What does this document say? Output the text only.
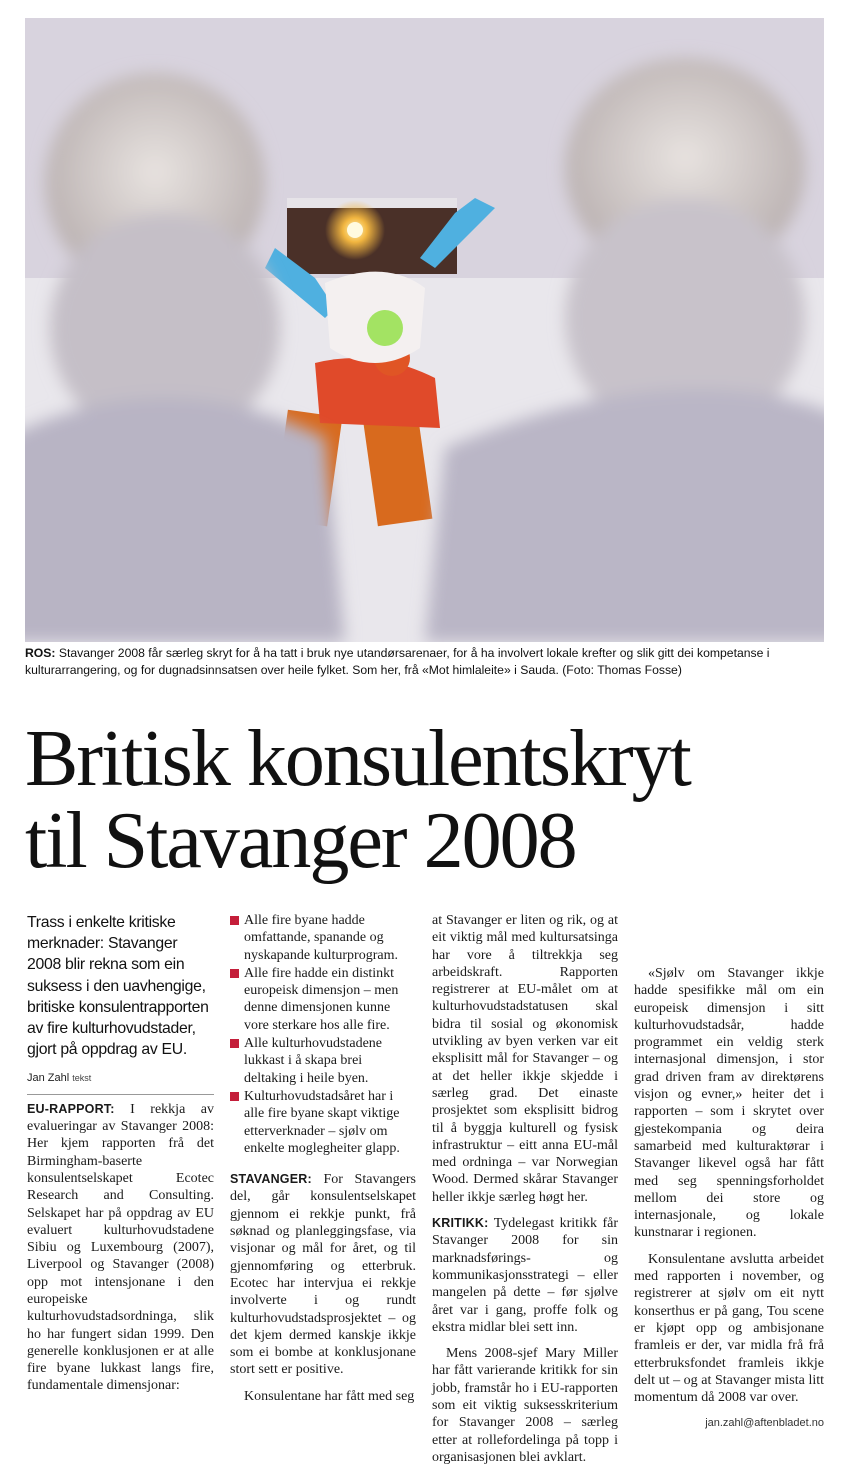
ROS: Stavanger 2008 får særleg skryt for å ha tatt i bruk nye utandørsarenaer, for å ha involvert lokale krefter og slik gitt dei kompetanse i kulturarrangering, og for dugnadsinnsatsen over heile fylket. Som her, frå «Mot himlaleite» i Sauda. (Foto: Thomas Fosse)
Britisk konsulentskryt
til Stavanger 2008

Trass i enkelte kritiske merknader: Stavanger 2008 blir rekna som ein suksess i den uavhengige, britiske konsulentrapporten av fire kulturhovudstader, gjort på oppdrag av EU.

Jan Zahl tekst

EU-RAPPORT: I rekkja av evalueringar av Stavanger 2008: Her kjem rapporten frå det Birmingham-baserte konsulentselskapet Ecotec Research and Consulting. Selskapet har på oppdrag av EU evaluert kulturhovudstadene Sibiu og Luxembourg (2007), Liverpool og Stavanger (2008) opp mot intensjonane i den europeiske kulturhovudstadsordninga, slik ho har fungert sidan 1999. Den generelle konklusjonen er at alle fire byane lukkast langs fire, fundamentale dimensjonar:

Alle fire byane hadde omfattande, spanande og nyskapande kulturprogram.
Alle fire hadde ein distinkt europeisk dimensjon – men denne dimensjonen kunne vore sterkare hos alle fire.
Alle kulturhovudstadene lukkast i å skapa brei deltaking i heile byen.
Kulturhovudstadsåret har i alle fire byane skapt viktige etterverknader – sjølv om enkelte moglegheiter glapp.

STAVANGER: For Stavangers del, går konsulentselskapet gjennom ei rekkje punkt, frå søknad og planleggingsfase, via visjonar og mål for året, og til gjennomføring og etterbruk. Ecotec har intervjua ei rekkje involverte i og rundt kulturhovudstadsprosjektet – og det kjem dermed kanskje ikkje som ei bombe at konklusjonane stort sett er positive.

Konsulentane har fått med seg

at Stavanger er liten og rik, og at eit viktig mål med kultursatsinga har vore å tiltrekkja seg arbeidskraft. Rapporten registrerer at EU-målet om at kulturhovudstadstatusen skal bidra til sosial og økonomisk utvikling av byen verken var eit eksplisitt mål for Stavanger – og at det heller ikkje skjedde i særleg grad. Det einaste prosjektet som eksplisitt bidrog til å byggja kulturell og fysisk infrastruktur – eitt anna EU-mål med ordninga – var Norwegian Wood. Dermed skårar Stavanger heller ikkje særleg høgt her.

KRITIKK: Tydelegast kritikk får Stavanger 2008 for sin marknadsførings- og kommunikasjonsstrategi – eller mangelen på dette – før sjølve året var i gang, proffe folk og ekstra midlar blei sett inn.

Mens 2008-sjef Mary Miller har fått varierande kritikk for sin jobb, framstår ho i EU-rapporten som eit viktig suksesskriterium for Stavanger 2008 – særleg etter at rollefordelinga på topp i organisasjonen blei avklart.

«Sjølv om Stavanger ikkje hadde spesifikke mål om ein europeisk dimensjon i sitt kulturhovudstadsår, hadde programmet ein veldig sterk internasjonal dimensjon, i stor grad driven fram av direktørens visjon og evner,» heiter det i rapporten – som i skrytet over gjestekompania og deira samarbeid med kulturaktørar i Stavanger likevel også har fått med seg spenningsforholdet mellom dei store og internasjonale, og lokale kunstnarar i regionen.

Konsulentane avslutta arbeidet med rapporten i november, og registrerer at sjølv om eit nytt konserthus er på gang, Tou scene er kjøpt opp og ambisjonane framleis er der, var midla frå frå etterbruksfondet framleis ikkje delt ut – og at Stavanger mista litt momentum då 2008 var over.

jan.zahl@aftenbladet.no
